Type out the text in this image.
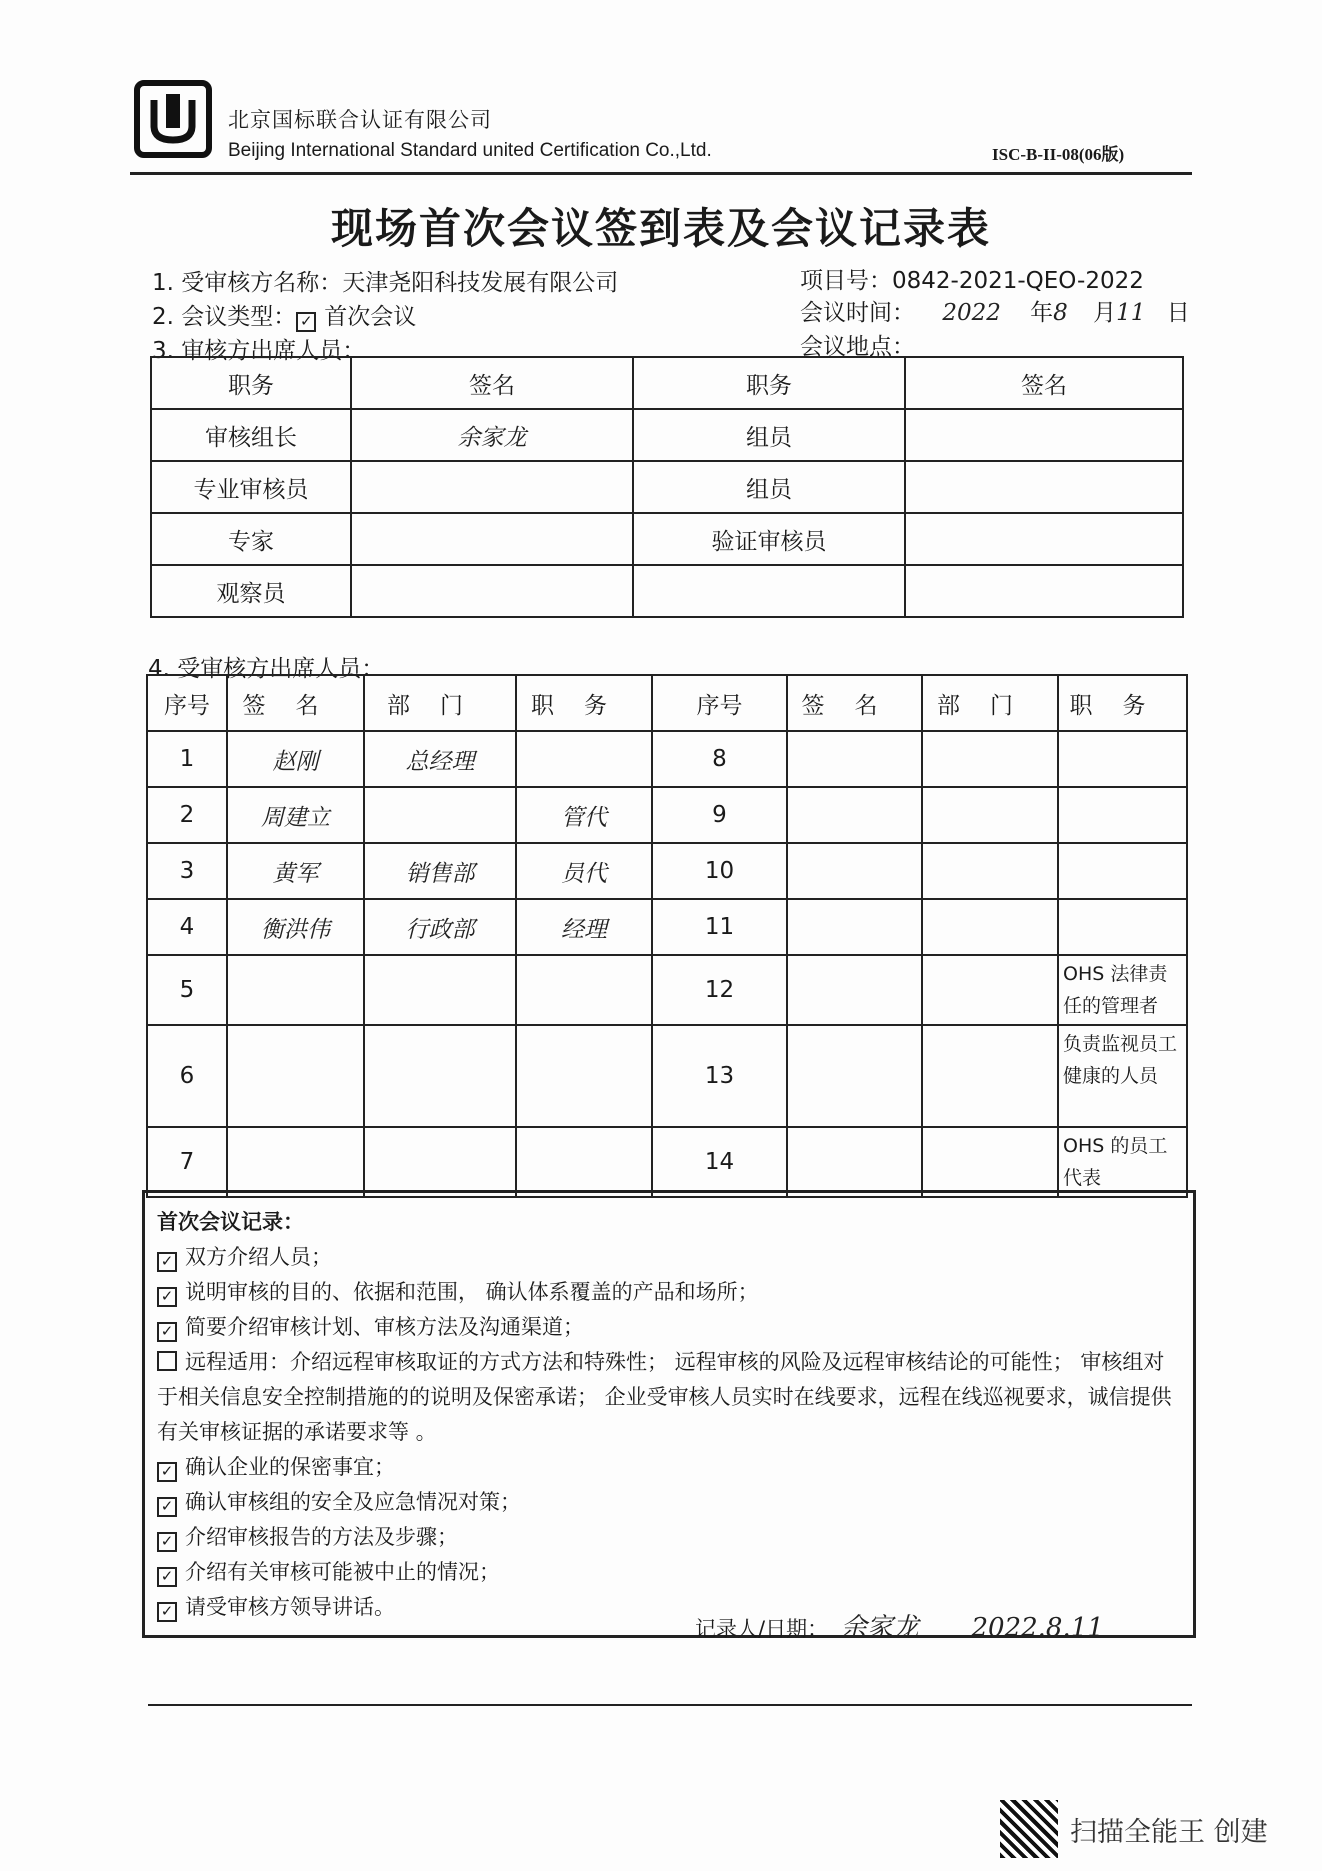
北京国标联合认证有限公司
Beijing International Standard united Certification Co.,Ltd.	ISC-B-II-08(06版)
现场首次会议签到表及会议记录表
1. 受审核方名称：天津尧阳科技发展有限公司	项目号：0842-2021-QEO-2022
2. 会议类型： ✓ 首次会议	会议时间： 2022 年8 月11 日
3. 审核方出席人员：	会议地点：
职务	签名	职务	签名
审核组长	余家龙	组员	
专业审核员		组员	
专家		验证审核员	
观察员			
4. 受审核方出席人员：
序号	签名	部门	职务	序号	签名	部门	职务
1	赵刚	总经理		8			
2	周建立		管代	9			
3	黄军	销售部	员代	10			
4	衡洪伟	行政部	经理	11			
5				12			OHS 法律责任的管理者
6				13			负责监视员工健康的人员
7				14			OHS 的员工代表
首次会议记录：
✓ 双方介绍人员；
✓ 说明审核的目的、依据和范围， 确认体系覆盖的产品和场所；
✓ 简要介绍审核计划、审核方法及沟通渠道；
远程适用：介绍远程审核取证的方式方法和特殊性； 远程审核的风险及远程审核结论的可能性； 审核组对于相关信息安全控制措施的的说明及保密承诺； 企业受审核人员实时在线要求，远程在线巡视要求，诚信提供有关审核证据的承诺要求等 。
✓ 确认企业的保密事宜；
✓ 确认审核组的安全及应急情况对策；
✓ 介绍审核报告的方法及步骤；
✓ 介绍有关审核可能被中止的情况；
✓ 请受审核方领导讲话。
记录人/日期： 余家龙 2022.8.11
扫描全能王 创建
